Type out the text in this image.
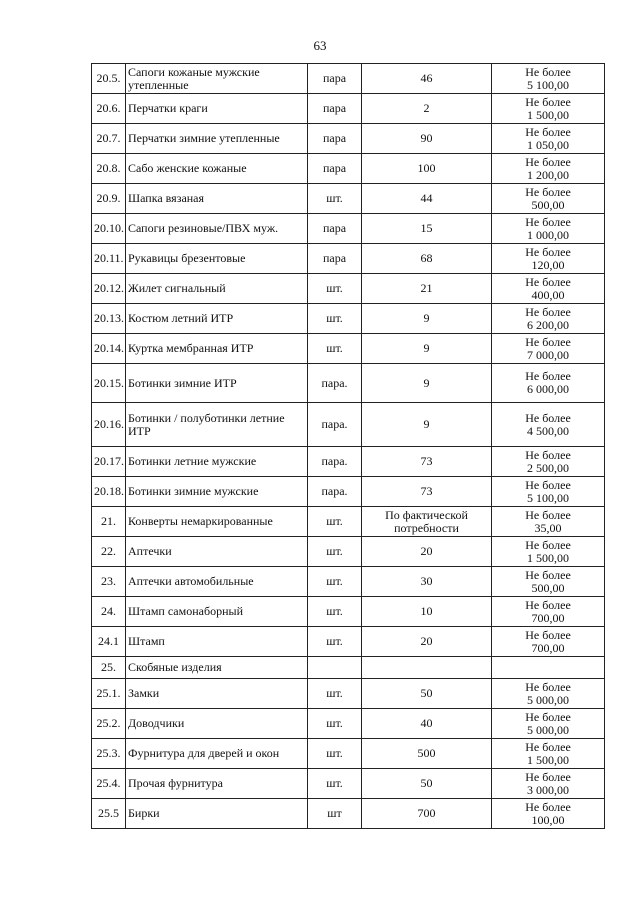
63
20.5.	Сапоги кожаные мужские утепленные	пара	46	Не более
5 100,00
20.6.	Перчатки краги	пара	2	Не более
1 500,00
20.7.	Перчатки зимние утепленные	пара	90	Не более
1 050,00
20.8.	Сабо женские кожаные	пара	100	Не более
1 200,00
20.9.	Шапка вязаная	шт.	44	Не более
500,00
20.10.	Сапоги резиновые/ПВХ муж.	пара	15	Не более
1 000,00
20.11.	Рукавицы брезентовые	пара	68	Не более
120,00
20.12.	Жилет сигнальный	шт.	21	Не более
400,00
20.13.	Костюм летний ИТР	шт.	9	Не более
6 200,00
20.14.	Куртка мембранная ИТР	шт.	9	Не более
7 000,00
20.15.	Ботинки зимние ИТР	пара.	9	Не более
6 000,00
20.16.	Ботинки / полуботинки летние ИТР	пара.	9	Не более
4 500,00
20.17.	Ботинки летние мужские	пара.	73	Не более
2 500,00
20.18.	Ботинки зимние мужские	пара.	73	Не более
5 100,00
21.	Конверты немаркированные	шт.	По фактической потребности	Не более
35,00
22.	Аптечки	шт.	20	Не более
1 500,00
23.	Аптечки автомобильные	шт.	30	Не более
500,00
24.	Штамп самонаборный	шт.	10	Не более
700,00
24.1	Штамп	шт.	20	Не более
700,00
25.	Скобяные изделия			
25.1.	Замки	шт.	50	Не более
5 000,00
25.2.	Доводчики	шт.	40	Не более
5 000,00
25.3.	Фурнитура для дверей и окон	шт.	500	Не более
1 500,00
25.4.	Прочая фурнитура	шт.	50	Не более
3 000,00
25.5	Бирки	шт	700	Не более
100,00
